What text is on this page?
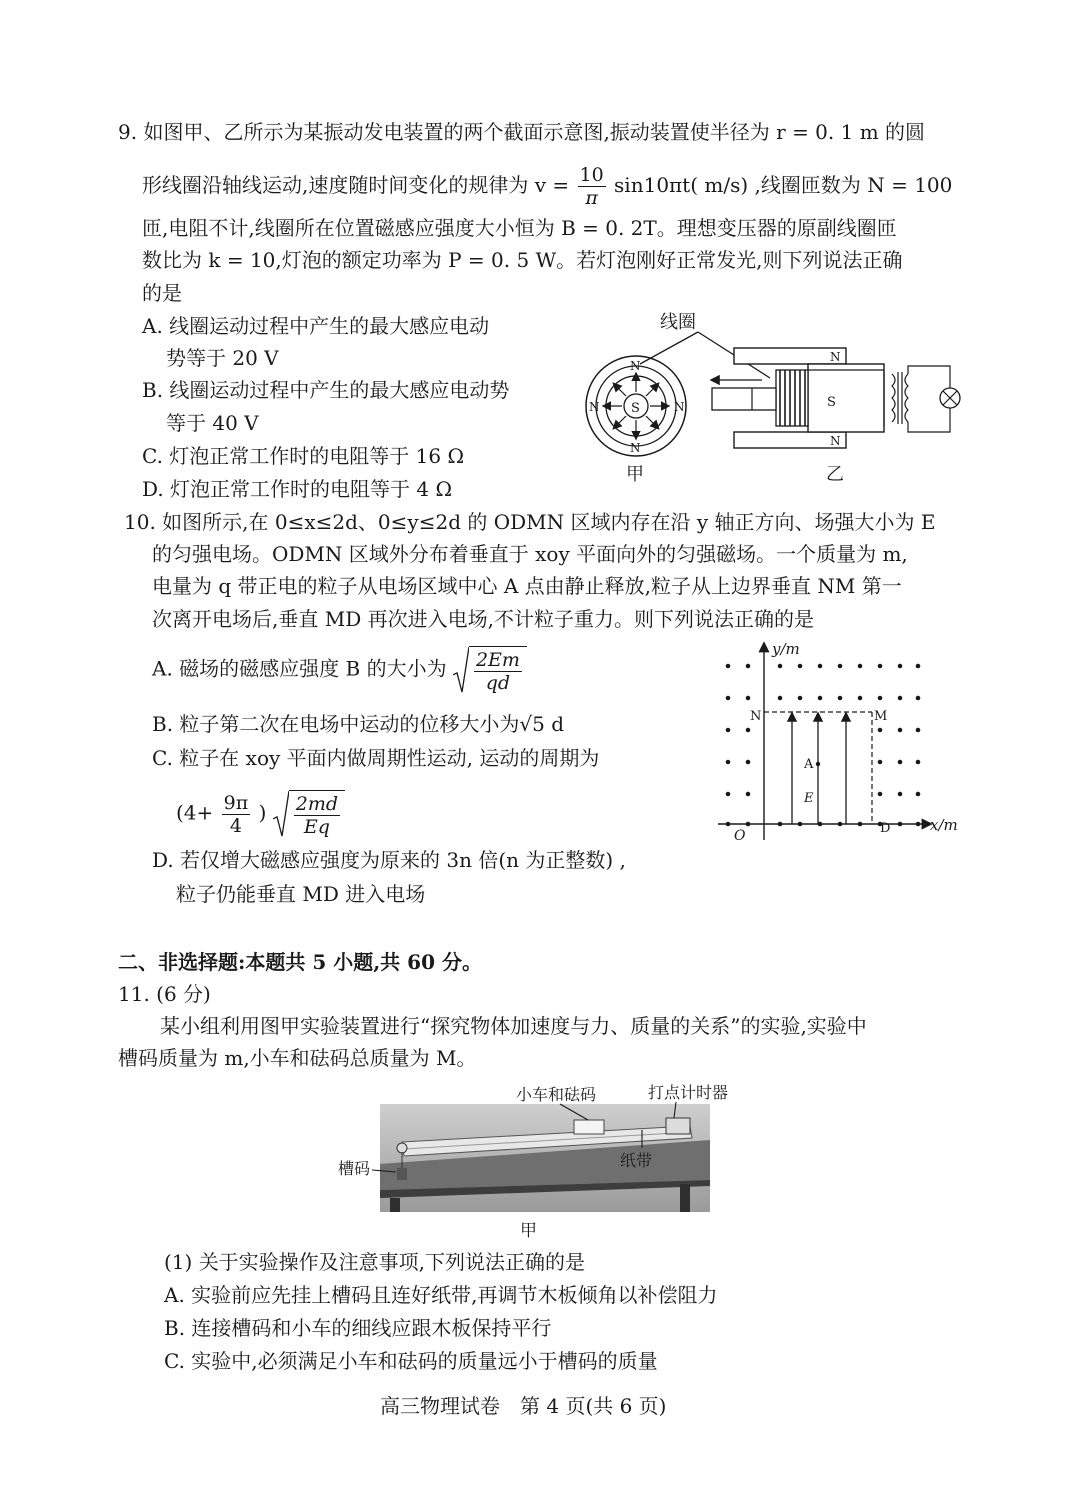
9. 如图甲、乙所示为某振动发电装置的两个截面示意图,振动装置使半径为 r = 0. 1 m 的圆
形线圈沿轴线运动,速度随时间变化的规律为 $v = \frac{10}{\pi} \sin 10\pi t$( m/s) ,线圈匝数为 N = 100
匝,电阻不计,线圈所在位置磁感应强度大小恒为 B = 0. 2T。理想变压器的原副线圈匝
数比为 k = 10,灯泡的额定功率为 P = 0. 5 W。若灯泡刚好正常发光,则下列说法正确
的是
A. 线圈运动过程中产生的最大感应电动
势等于 20 V
B. 线圈运动过程中产生的最大感应电动势
等于 40 V
C. 灯泡正常工作时的电阻等于 16 Ω
D. 灯泡正常工作时的电阻等于 4 Ω
线圈
S
N
N
N	N
甲
N
N
S
乙
10. 如图所示,在 0≤x≤2d、0≤y≤2d 的 ODMN 区域内存在沿 y 轴正方向、场强大小为 E
的匀强电场。ODMN 区域外分布着垂直于 xoy 平面向外的匀强磁场。一个质量为 m,
电量为 q 带正电的粒子从电场区域中心 A 点由静止释放,粒子从上边界垂直 NM 第一
次离开电场后,垂直 MD 再次进入电场,不计粒子重力。则下列说法正确的是
A. 磁场的磁感应强度 B 的大小为 $\frac{2Em}{qd}$
B. 粒子第二次在电场中运动的位移大小为√5 d
C. 粒子在 xoy 平面内做周期性运动, 运动的周期为
($4+ \frac{9\pi}{4}$ ) $\frac{2md}{Eq}$
D. 若仅增大磁感应强度为原来的 3n 倍(n 为正整数) ,
粒子仍能垂直 MD 进入电场
y/m
x/m
O
N	M
D
A
E
二、非选择题:本题共 5 小题,共 60 分。
11. (6 分)
某小组利用图甲实验装置进行“探究物体加速度与力、质量的关系”的实验,实验中
槽码质量为 m,小车和砝码总质量为 M。
小车和砝码	打点计时器
槽码	纸带
甲
(1) 关于实验操作及注意事项,下列说法正确的是
A. 实验前应先挂上槽码且连好纸带,再调节木板倾角以补偿阻力
B. 连接槽码和小车的细线应跟木板保持平行
C. 实验中,必须满足小车和砝码的质量远小于槽码的质量
高三物理试卷　第 4 页(共 6 页)
